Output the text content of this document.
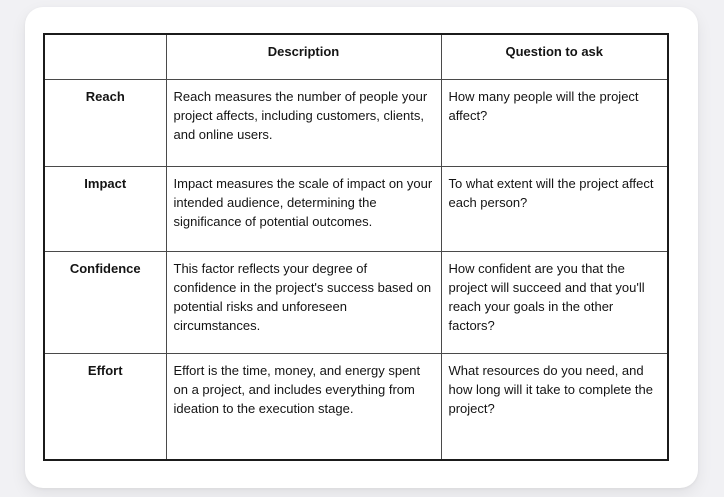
	Description	Question to ask
Reach	Reach measures the number of people your project affects, including customers, clients, and online users.	How many people will the project affect?
Impact	Impact measures the scale of impact on your intended audience, determining the significance of potential outcomes.	To what extent will the project affect each person?
Confidence	This factor reflects your degree of confidence in the project's success based on potential risks and unforeseen circumstances.	How confident are you that the project will succeed and that you'll reach your goals in the other factors?
Effort	Effort is the time, money, and energy spent on a project, and includes everything from ideation to the execution stage.	What resources do you need, and how long will it take to complete the project?
